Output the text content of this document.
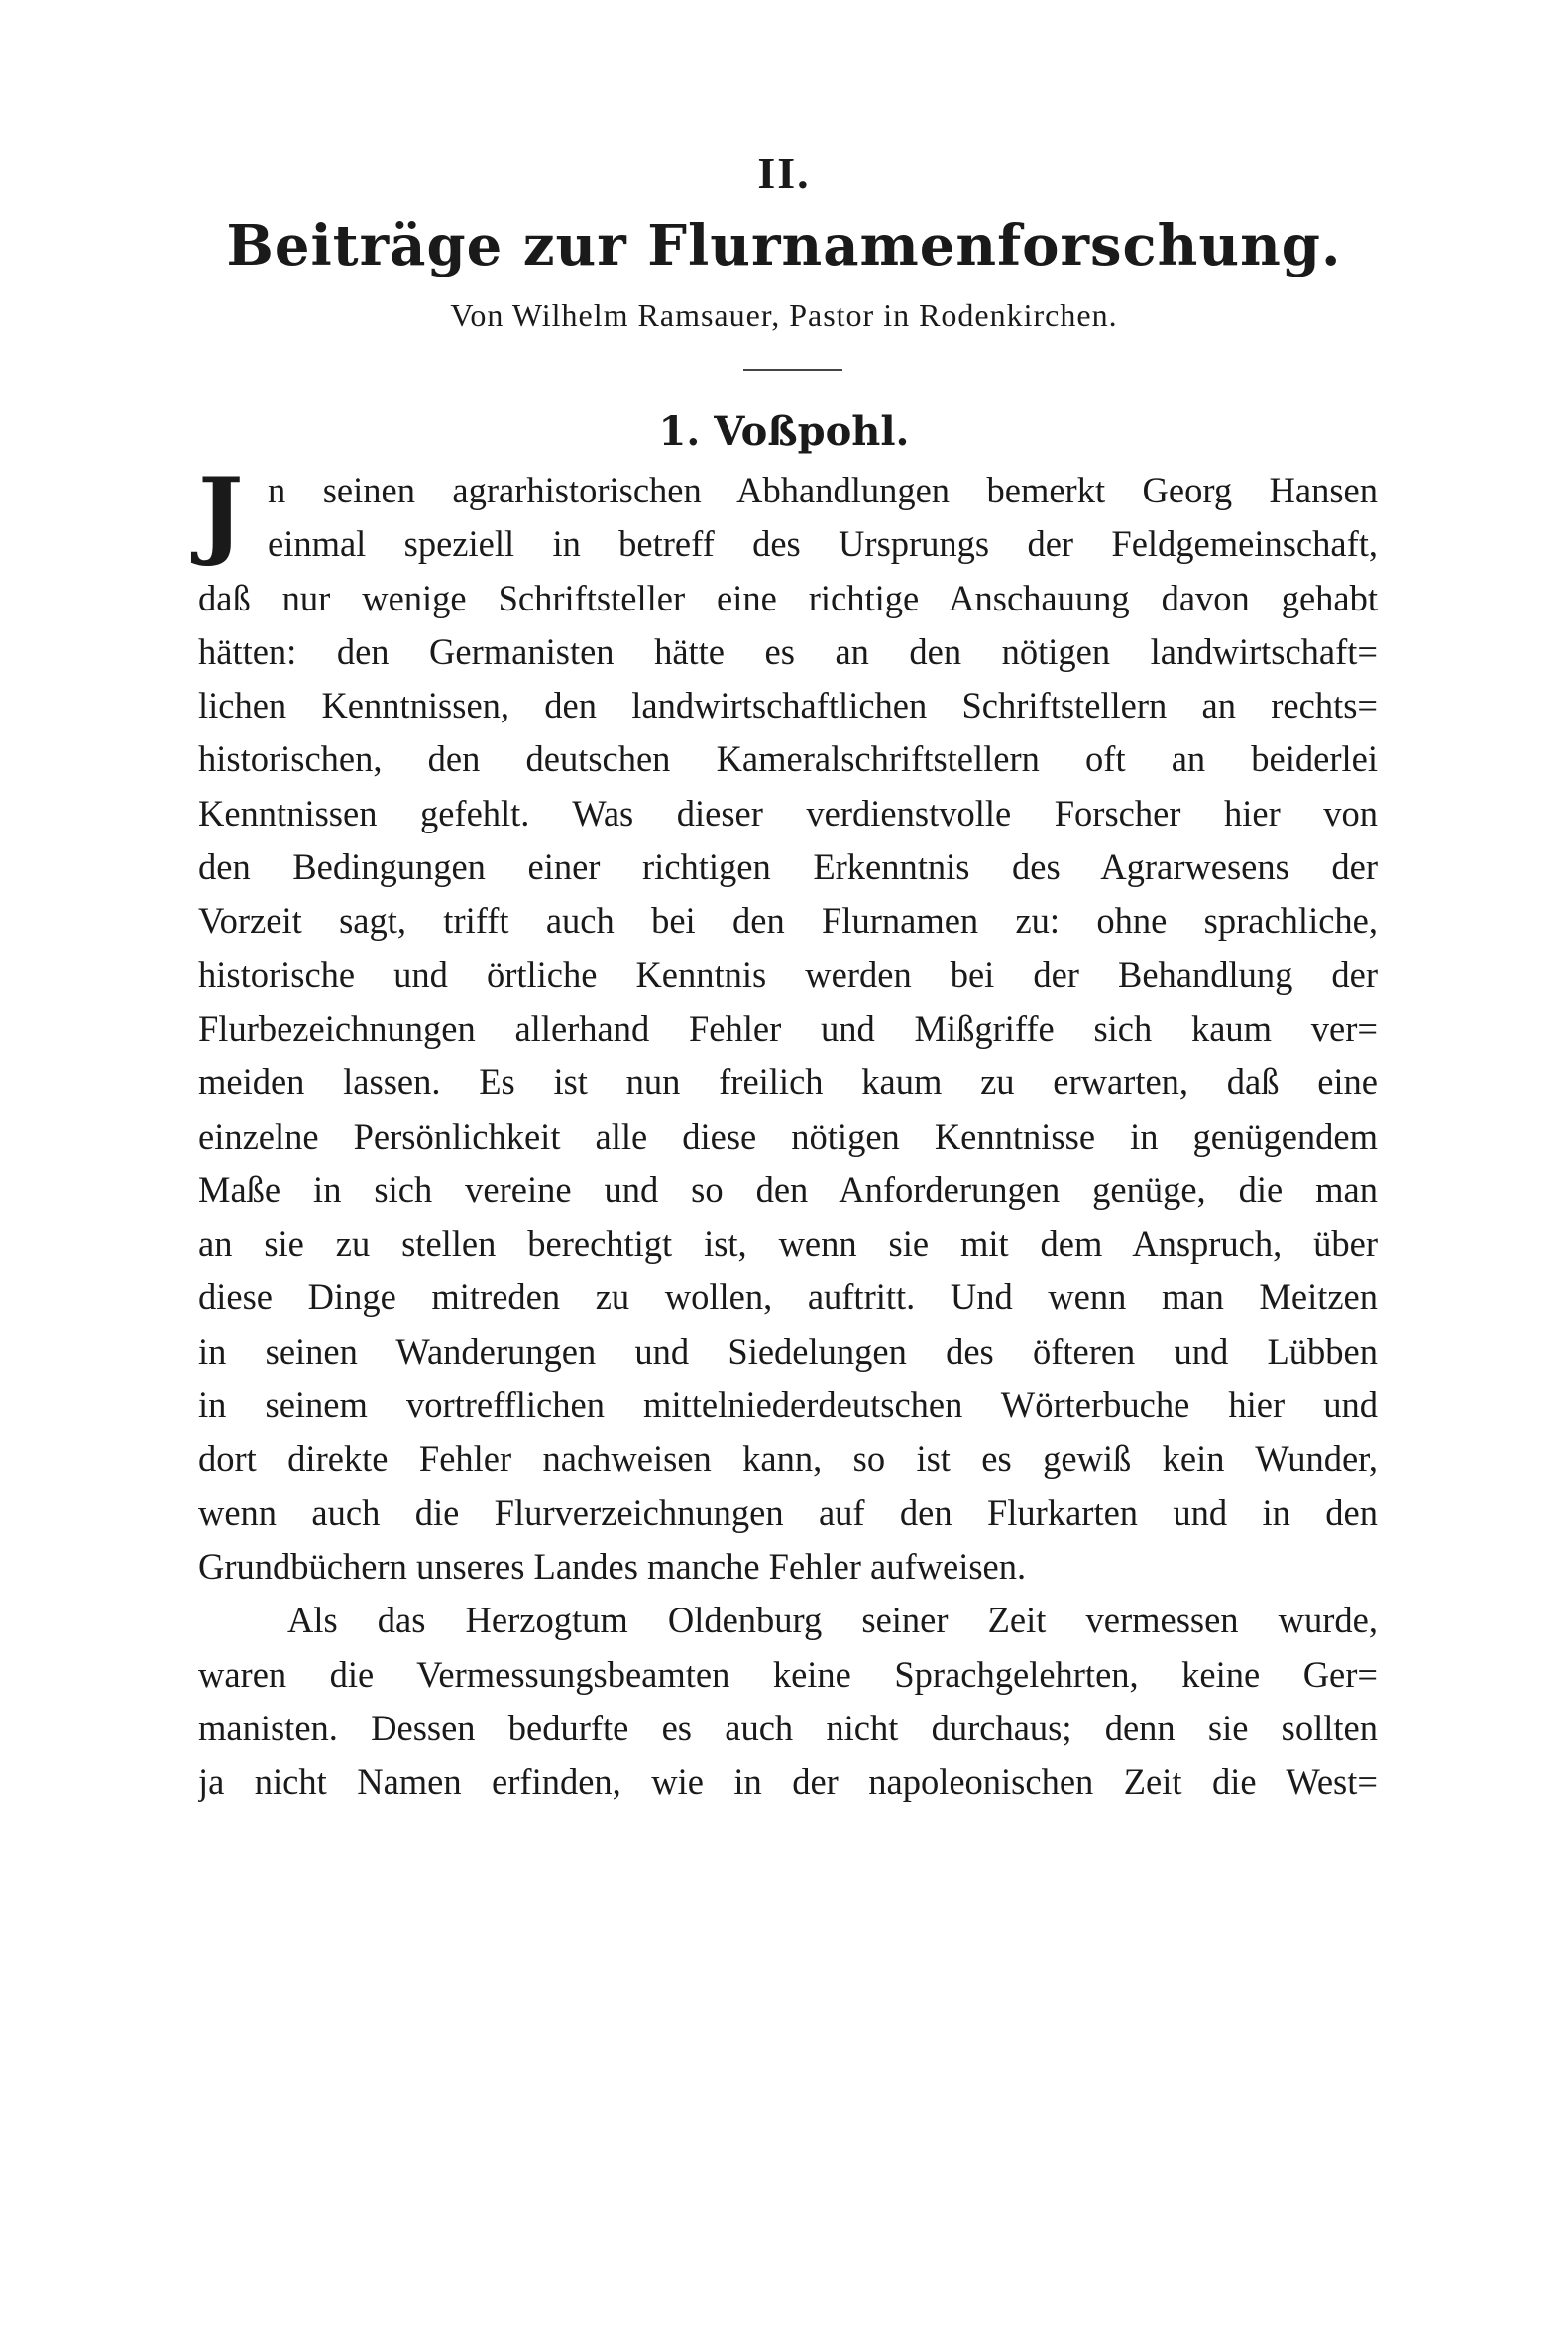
II.
Beiträge zur Flurnamenforschung.
Von Wilhelm Ramsauer, Pastor in Rodenkirchen.
1. Voßpohl.
J n seinen agrarhistorischen Abhandlungen bemerkt Georg Hansen
einmal speziell in betreff des Ursprungs der Feldgemeinschaft,
daß nur wenige Schriftsteller eine richtige Anschauung davon gehabt
hätten: den Germanisten hätte es an den nötigen landwirtschaft=
lichen Kenntnissen, den landwirtschaftlichen Schriftstellern an rechts=
historischen, den deutschen Kameralschriftstellern oft an beiderlei
Kenntnissen gefehlt. Was dieser verdienstvolle Forscher hier von
den Bedingungen einer richtigen Erkenntnis des Agrarwesens der
Vorzeit sagt, trifft auch bei den Flurnamen zu: ohne sprachliche,
historische und örtliche Kenntnis werden bei der Behandlung der
Flurbezeichnungen allerhand Fehler und Mißgriffe sich kaum ver=
meiden lassen. Es ist nun freilich kaum zu erwarten, daß eine
einzelne Persönlichkeit alle diese nötigen Kenntnisse in genügendem
Maße in sich vereine und so den Anforderungen genüge, die man
an sie zu stellen berechtigt ist, wenn sie mit dem Anspruch, über
diese Dinge mitreden zu wollen, auftritt. Und wenn man Meitzen
in seinen Wanderungen und Siedelungen des öfteren und Lübben
in seinem vortrefflichen mittelniederdeutschen Wörterbuche hier und
dort direkte Fehler nachweisen kann, so ist es gewiß kein Wunder,
wenn auch die Flurverzeichnungen auf den Flurkarten und in den
Grundbüchern unseres Landes manche Fehler aufweisen.
Als das Herzogtum Oldenburg seiner Zeit vermessen wurde,
waren die Vermessungsbeamten keine Sprachgelehrten, keine Ger=
manisten. Dessen bedurfte es auch nicht durchaus; denn sie sollten
ja nicht Namen erfinden, wie in der napoleonischen Zeit die West=
